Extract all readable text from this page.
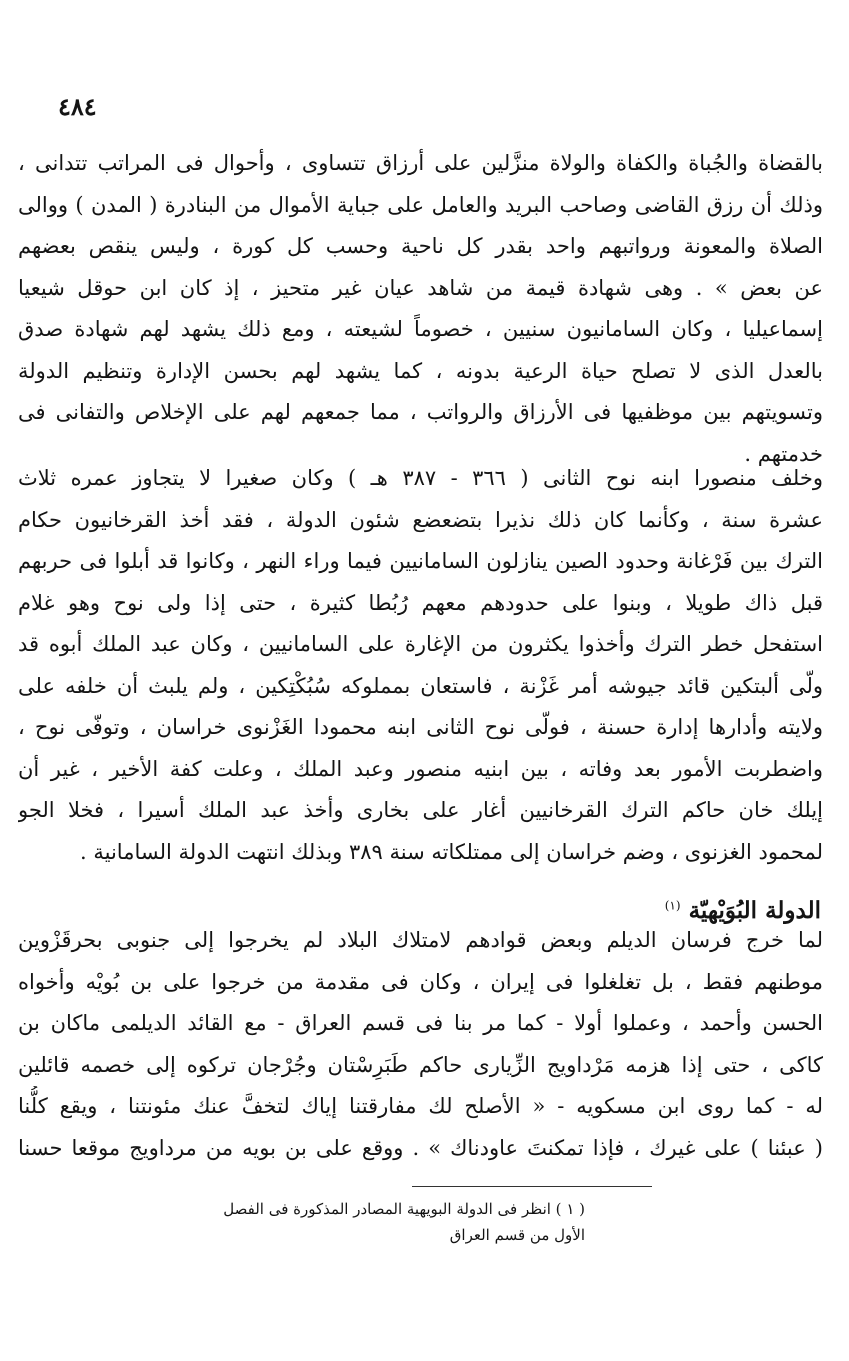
٤٨٤
بالقضاة والجُباة والكفاة والولاة منزَّلين على أرزاق تتساوى ، وأحوال فى المراتب تتدانى ،
وذلك أن رزق القاضى وصاحب البريد والعامل على جباية الأموال من البنادرة ( المدن ) ووالى
الصلاة والمعونة ورواتبهم واحد بقدر كل ناحية وحسب كل كورة ، وليس ينقص بعضهم
عن بعض » . وهى شهادة قيمة من شاهد عيان غير متحيز ، إذ كان ابن حوقل شيعيا
إسماعيليا ، وكان السامانيون سنيين ، خصوماً لشيعته ، ومع ذلك يشهد لهم شهادة صدق
بالعدل الذى لا تصلح حياة الرعية بدونه ، كما يشهد لهم بحسن الإدارة وتنظيم الدولة
وتسويتهم بين موظفيها فى الأرزاق والرواتب ، مما جمعهم لهم على الإخلاص والتفانى فى
خدمتهم .
وخلف منصورا ابنه نوح الثانى ( ٣٦٦ - ٣٨٧ هـ ) وكان صغيرا لا يتجاوز عمره ثلاث
عشرة سنة ، وكأنما كان ذلك نذيرا بتضعضع شئون الدولة ، فقد أخذ القرخانيون حكام
الترك بين فَرْغانة وحدود الصين ينازلون السامانيين فيما وراء النهر ، وكانوا قد أبلوا فى حربهم
قبل ذاك طويلا ، وبنوا على حدودهم معهم رُبُطا كثيرة ، حتى إذا ولى نوح وهو غلام
استفحل خطر الترك وأخذوا يكثرون من الإغارة على السامانيين ، وكان عبد الملك أبوه قد
ولّى ألبتكين قائد جيوشه أمر غَزْنة ، فاستعان بمملوكه سُبُكْتِكين ، ولم يلبث أن خلفه على
ولايته وأدارها إدارة حسنة ، فولّى نوح الثانى ابنه محمودا الغَزْنوى خراسان ، وتوفّى نوح ،
واضطربت الأمور بعد وفاته ، بين ابنيه منصور وعبد الملك ، وعلت كفة الأخير ، غير أن
إيلك خان حاكم الترك القرخانيين أغار على بخارى وأخذ عبد الملك أسيرا ، فخلا الجو
لمحمود الغزنوى ، وضم خراسان إلى ممتلكاته سنة ٣٨٩ وبذلك انتهت الدولة السامانية .
الدولة البُوَيْهيّة $^{(١)}$
لما خرج فرسان الديلم وبعض قوادهم لامتلاك البلاد لم يخرجوا إلى جنوبى بحرقَزْوين
موطنهم فقط ، بل تغلغلوا فى إيران ، وكان فى مقدمة من خرجوا على بن بُويْه وأخواه
الحسن وأحمد ، وعملوا أولا - كما مر بنا فى قسم العراق - مع القائد الديلمى ماكان بن
كاكى ، حتى إذا هزمه مَرْداويج الزِّيارى حاكم طَبَرِسْتان وجُرْجان تركوه إلى خصمه قائلين
له - كما روى ابن مسكويه - « الأصلح لك مفارقتنا إياك لتخفَّ عنك مئونتنا ، ويقع كلُّنا
( عبئنا ) على غيرك ، فإذا تمكنتَ عاودناك » . ووقع على بن بويه من مرداويج موقعا حسنا
( ١ ) انظر فى الدولة البويهية المصادر المذكورة فى الفصل
الأول من قسم العراق
